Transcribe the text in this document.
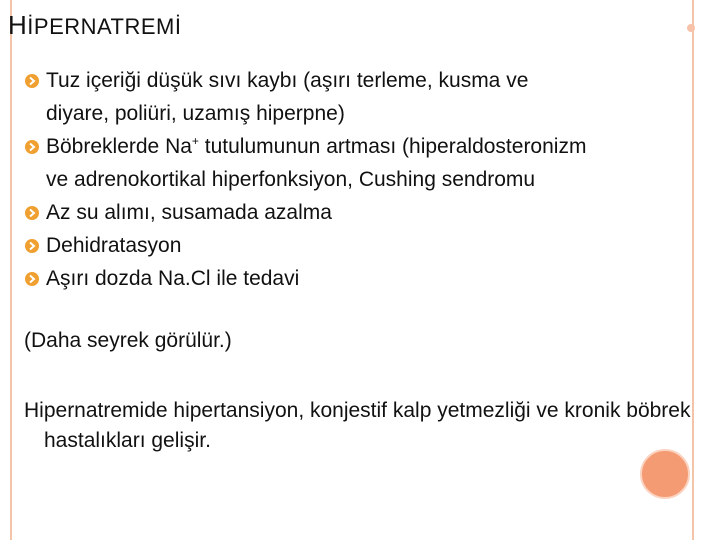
HİPERNATREMİ
Tuz içeriği düşük sıvı kaybı (aşırı terleme, kusma ve
diyare, poliüri, uzamış hiperpne)
Böbreklerde Na+ tutulumunun artması (hiperaldosteronizm
ve adrenokortikal hiperfonksiyon, Cushing sendromu
Az su alımı, susamada azalma
Dehidratasyon
Aşırı dozda Na.Cl ile tedavi
(Daha seyrek görülür.)
Hipernatremide hipertansiyon, konjestif kalp yetmezliği ve kronik böbrek hastalıkları gelişir.
